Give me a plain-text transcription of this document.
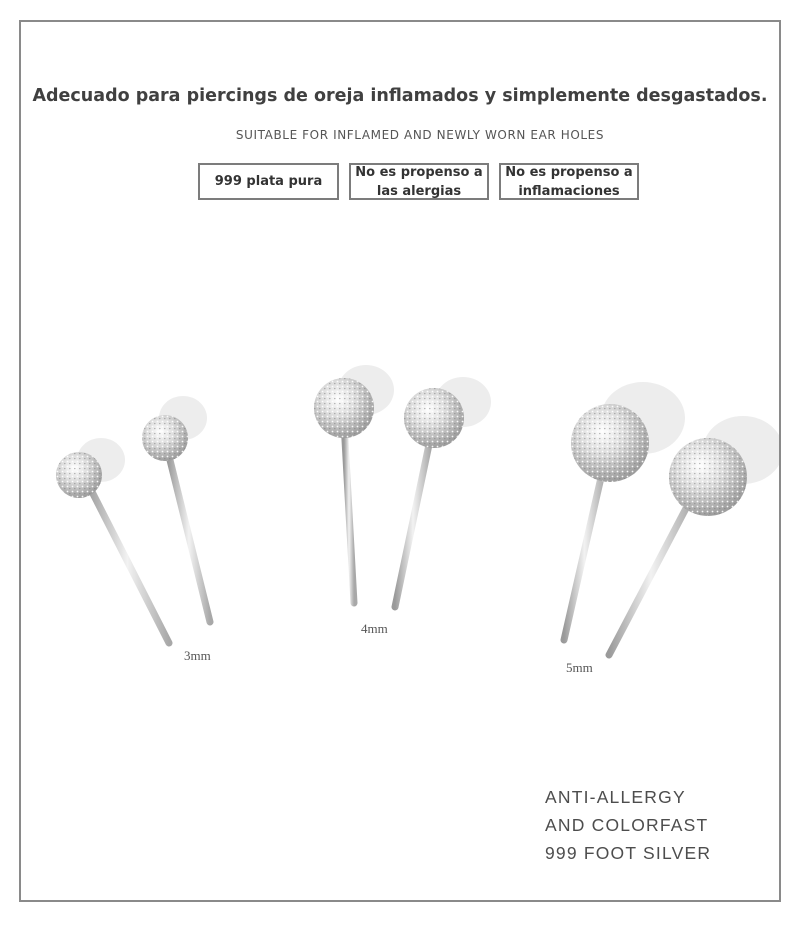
Adecuado para piercings de oreja inflamados y simplemente desgastados.
SUITABLE FOR INFLAMED AND NEWLY WORN EAR HOLES
999 plata pura
No es propenso a las alergias
No es propenso a inflamaciones
3mm
4mm
5mm
ANTI-ALLERGY
AND COLORFAST
999 FOOT SILVER
